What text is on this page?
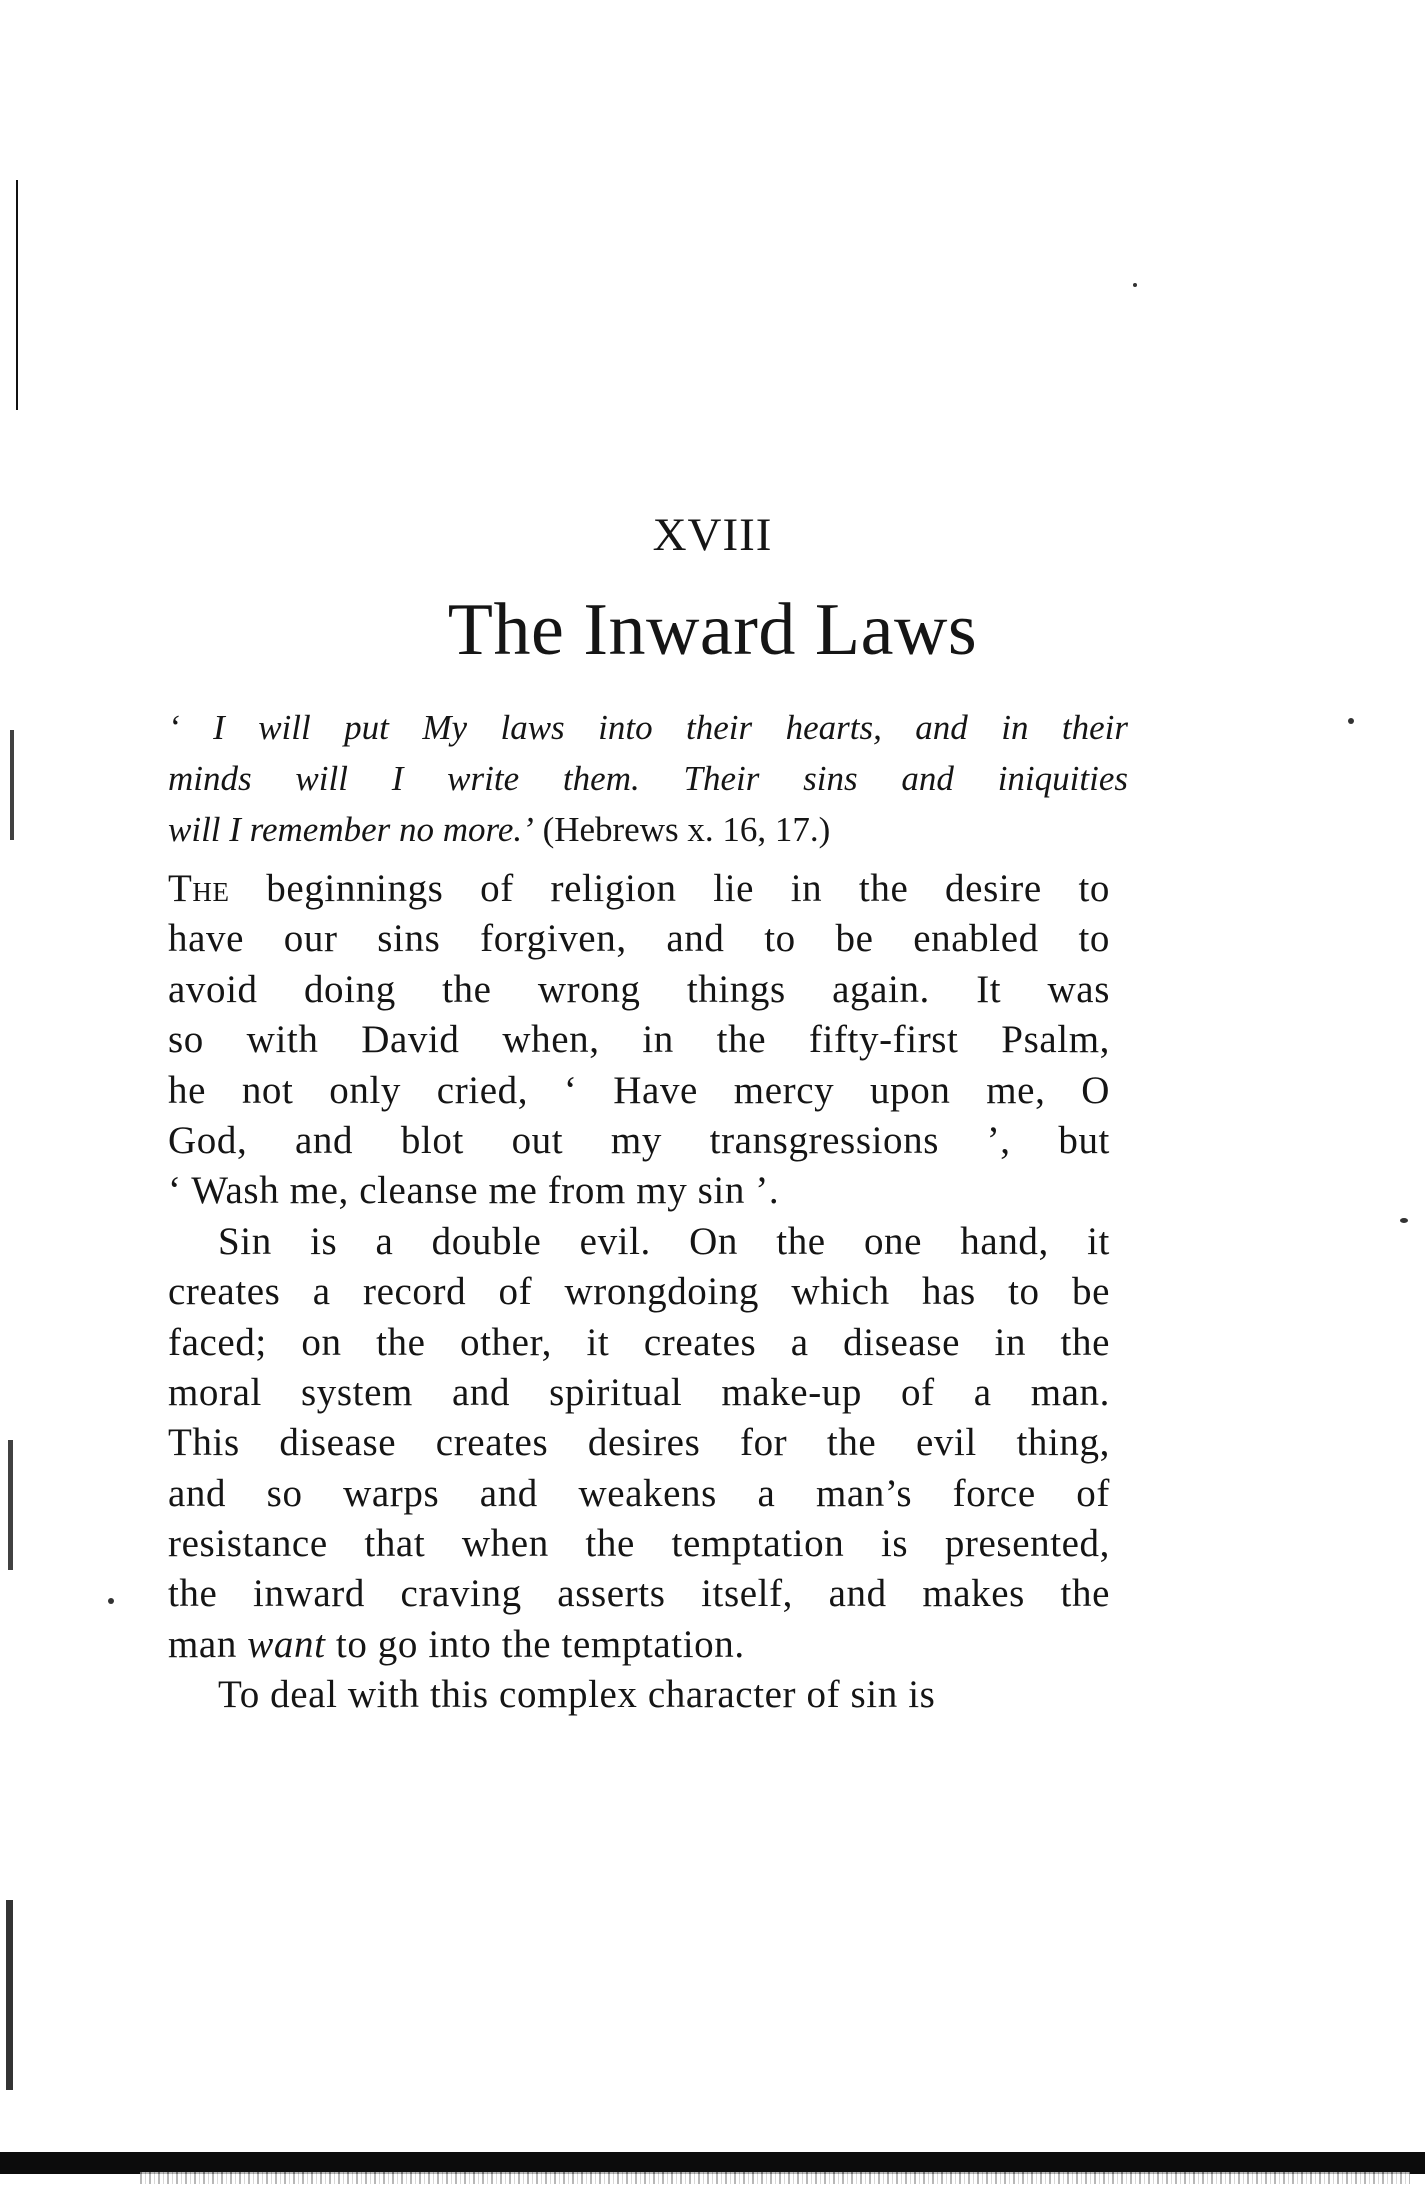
XVIII
The Inward Laws
‘ I will put My laws into their hearts, and in their
minds will I write them. Their sins and iniquities
will I remember no more.’ (Hebrews x. 16, 17.)
The beginnings of religion lie in the desire to
have our sins forgiven, and to be enabled to
avoid doing the wrong things again. It was
so with David when, in the fifty-first Psalm,
he not only cried, ‘ Have mercy upon me, O
God, and blot out my transgressions ’, but
‘ Wash me, cleanse me from my sin ’.
Sin is a double evil. On the one hand, it
creates a record of wrongdoing which has to be
faced; on the other, it creates a disease in the
moral system and spiritual make-up of a man.
This disease creates desires for the evil thing,
and so warps and weakens a man’s force of
resistance that when the temptation is presented,
the inward craving asserts itself, and makes the
man want to go into the temptation.
To deal with this complex character of sin is
